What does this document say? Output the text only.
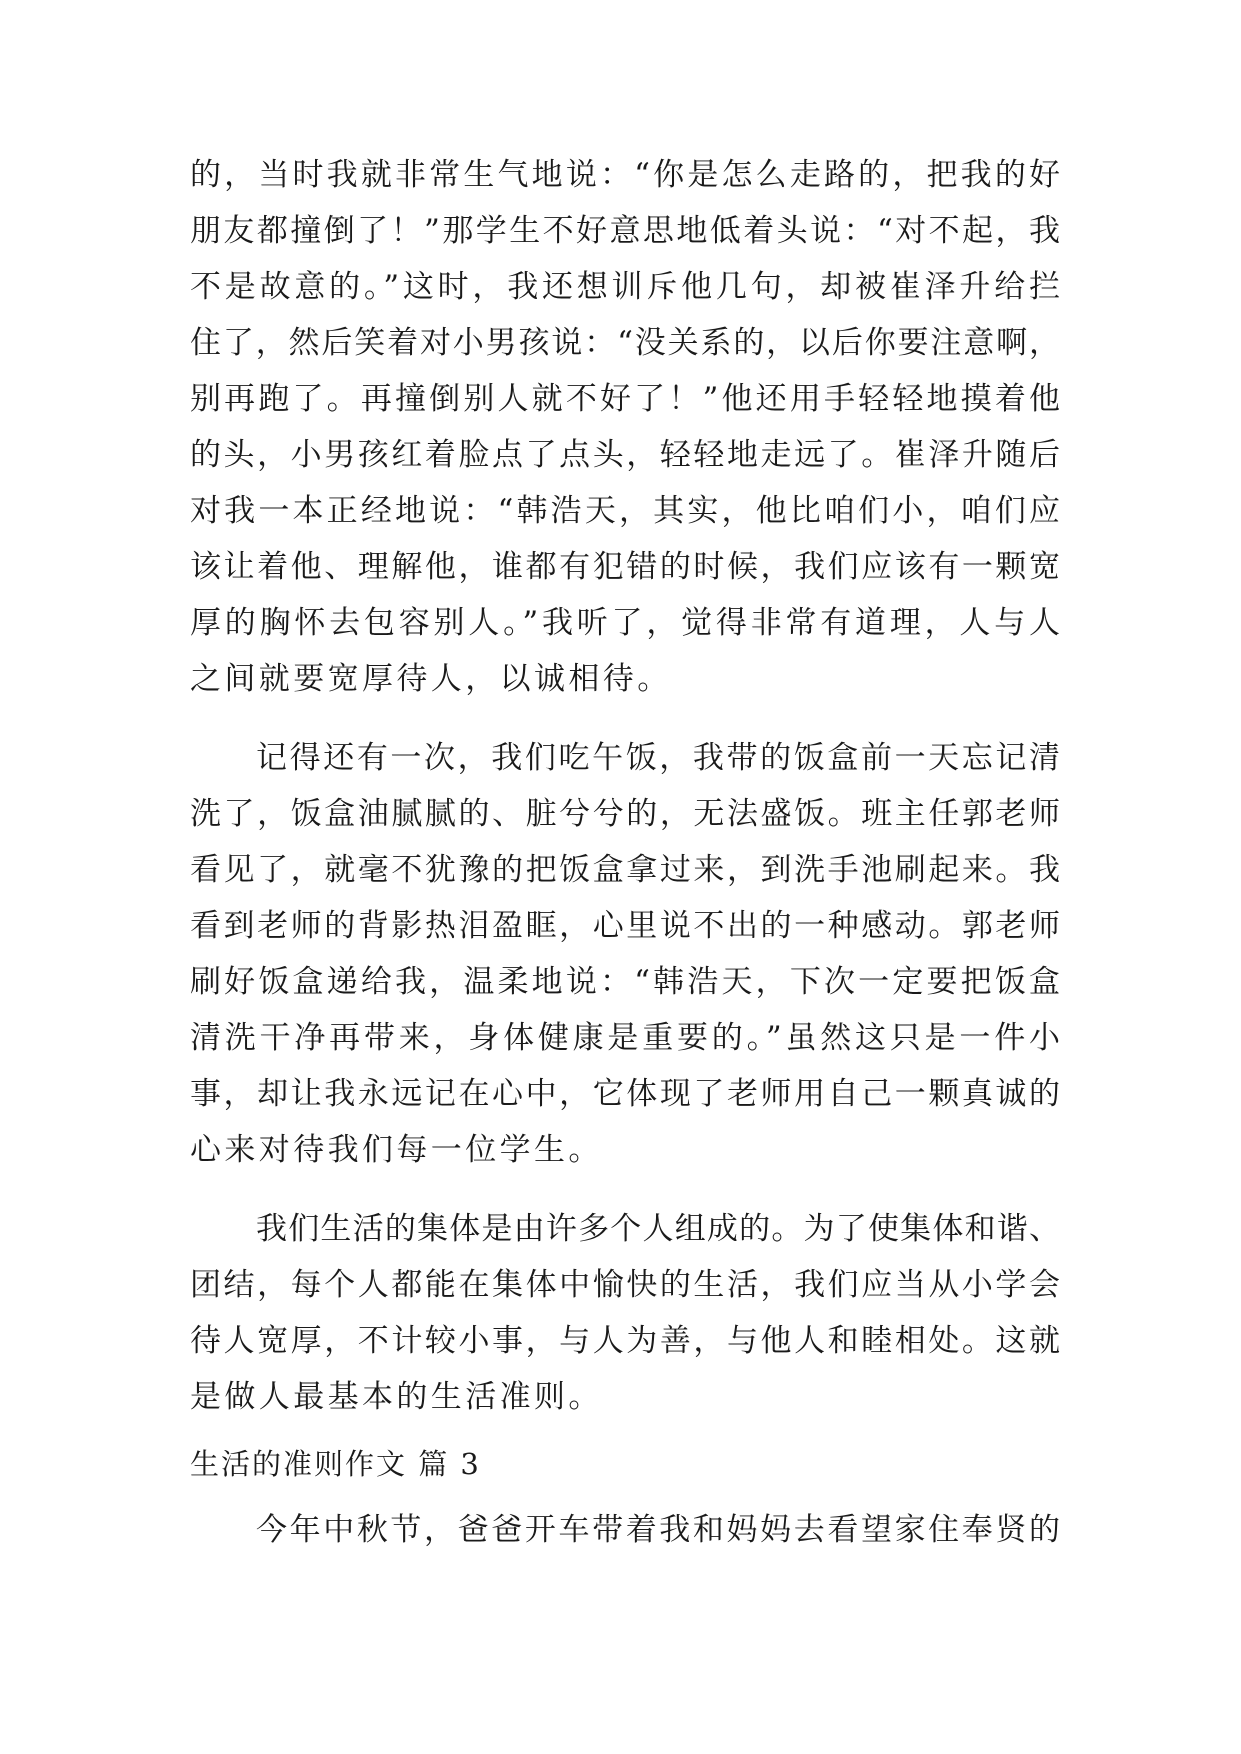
的，当时我就非常生气地说：“你是怎么走路的，把我的好
朋友都撞倒了！”那学生不好意思地低着头说：“对不起，我
不是故意的。”这时，我还想训斥他几句，却被崔泽升给拦
住了，然后笑着对小男孩说：“没关系的，以后你要注意啊，
别再跑了。再撞倒别人就不好了！”他还用手轻轻地摸着他
的头，小男孩红着脸点了点头，轻轻地走远了。崔泽升随后
对我一本正经地说：“韩浩天，其实，他比咱们小，咱们应
该让着他、理解他，谁都有犯错的时候，我们应该有一颗宽
厚的胸怀去包容别人。”我听了，觉得非常有道理，人与人
之间就要宽厚待人，以诚相待。
记得还有一次，我们吃午饭，我带的饭盒前一天忘记清
洗了，饭盒油腻腻的、脏兮兮的，无法盛饭。班主任郭老师
看见了，就毫不犹豫的把饭盒拿过来，到洗手池刷起来。我
看到老师的背影热泪盈眶，心里说不出的一种感动。郭老师
刷好饭盒递给我，温柔地说：“韩浩天，下次一定要把饭盒
清洗干净再带来，身体健康是重要的。”虽然这只是一件小
事，却让我永远记在心中，它体现了老师用自己一颗真诚的
心来对待我们每一位学生。
我们生活的集体是由许多个人组成的。为了使集体和谐、
团结，每个人都能在集体中愉快的生活，我们应当从小学会
待人宽厚，不计较小事，与人为善，与他人和睦相处。这就
是做人最基本的生活准则。
生活的准则作文 篇 3
今年中秋节，爸爸开车带着我和妈妈去看望家住奉贤的
